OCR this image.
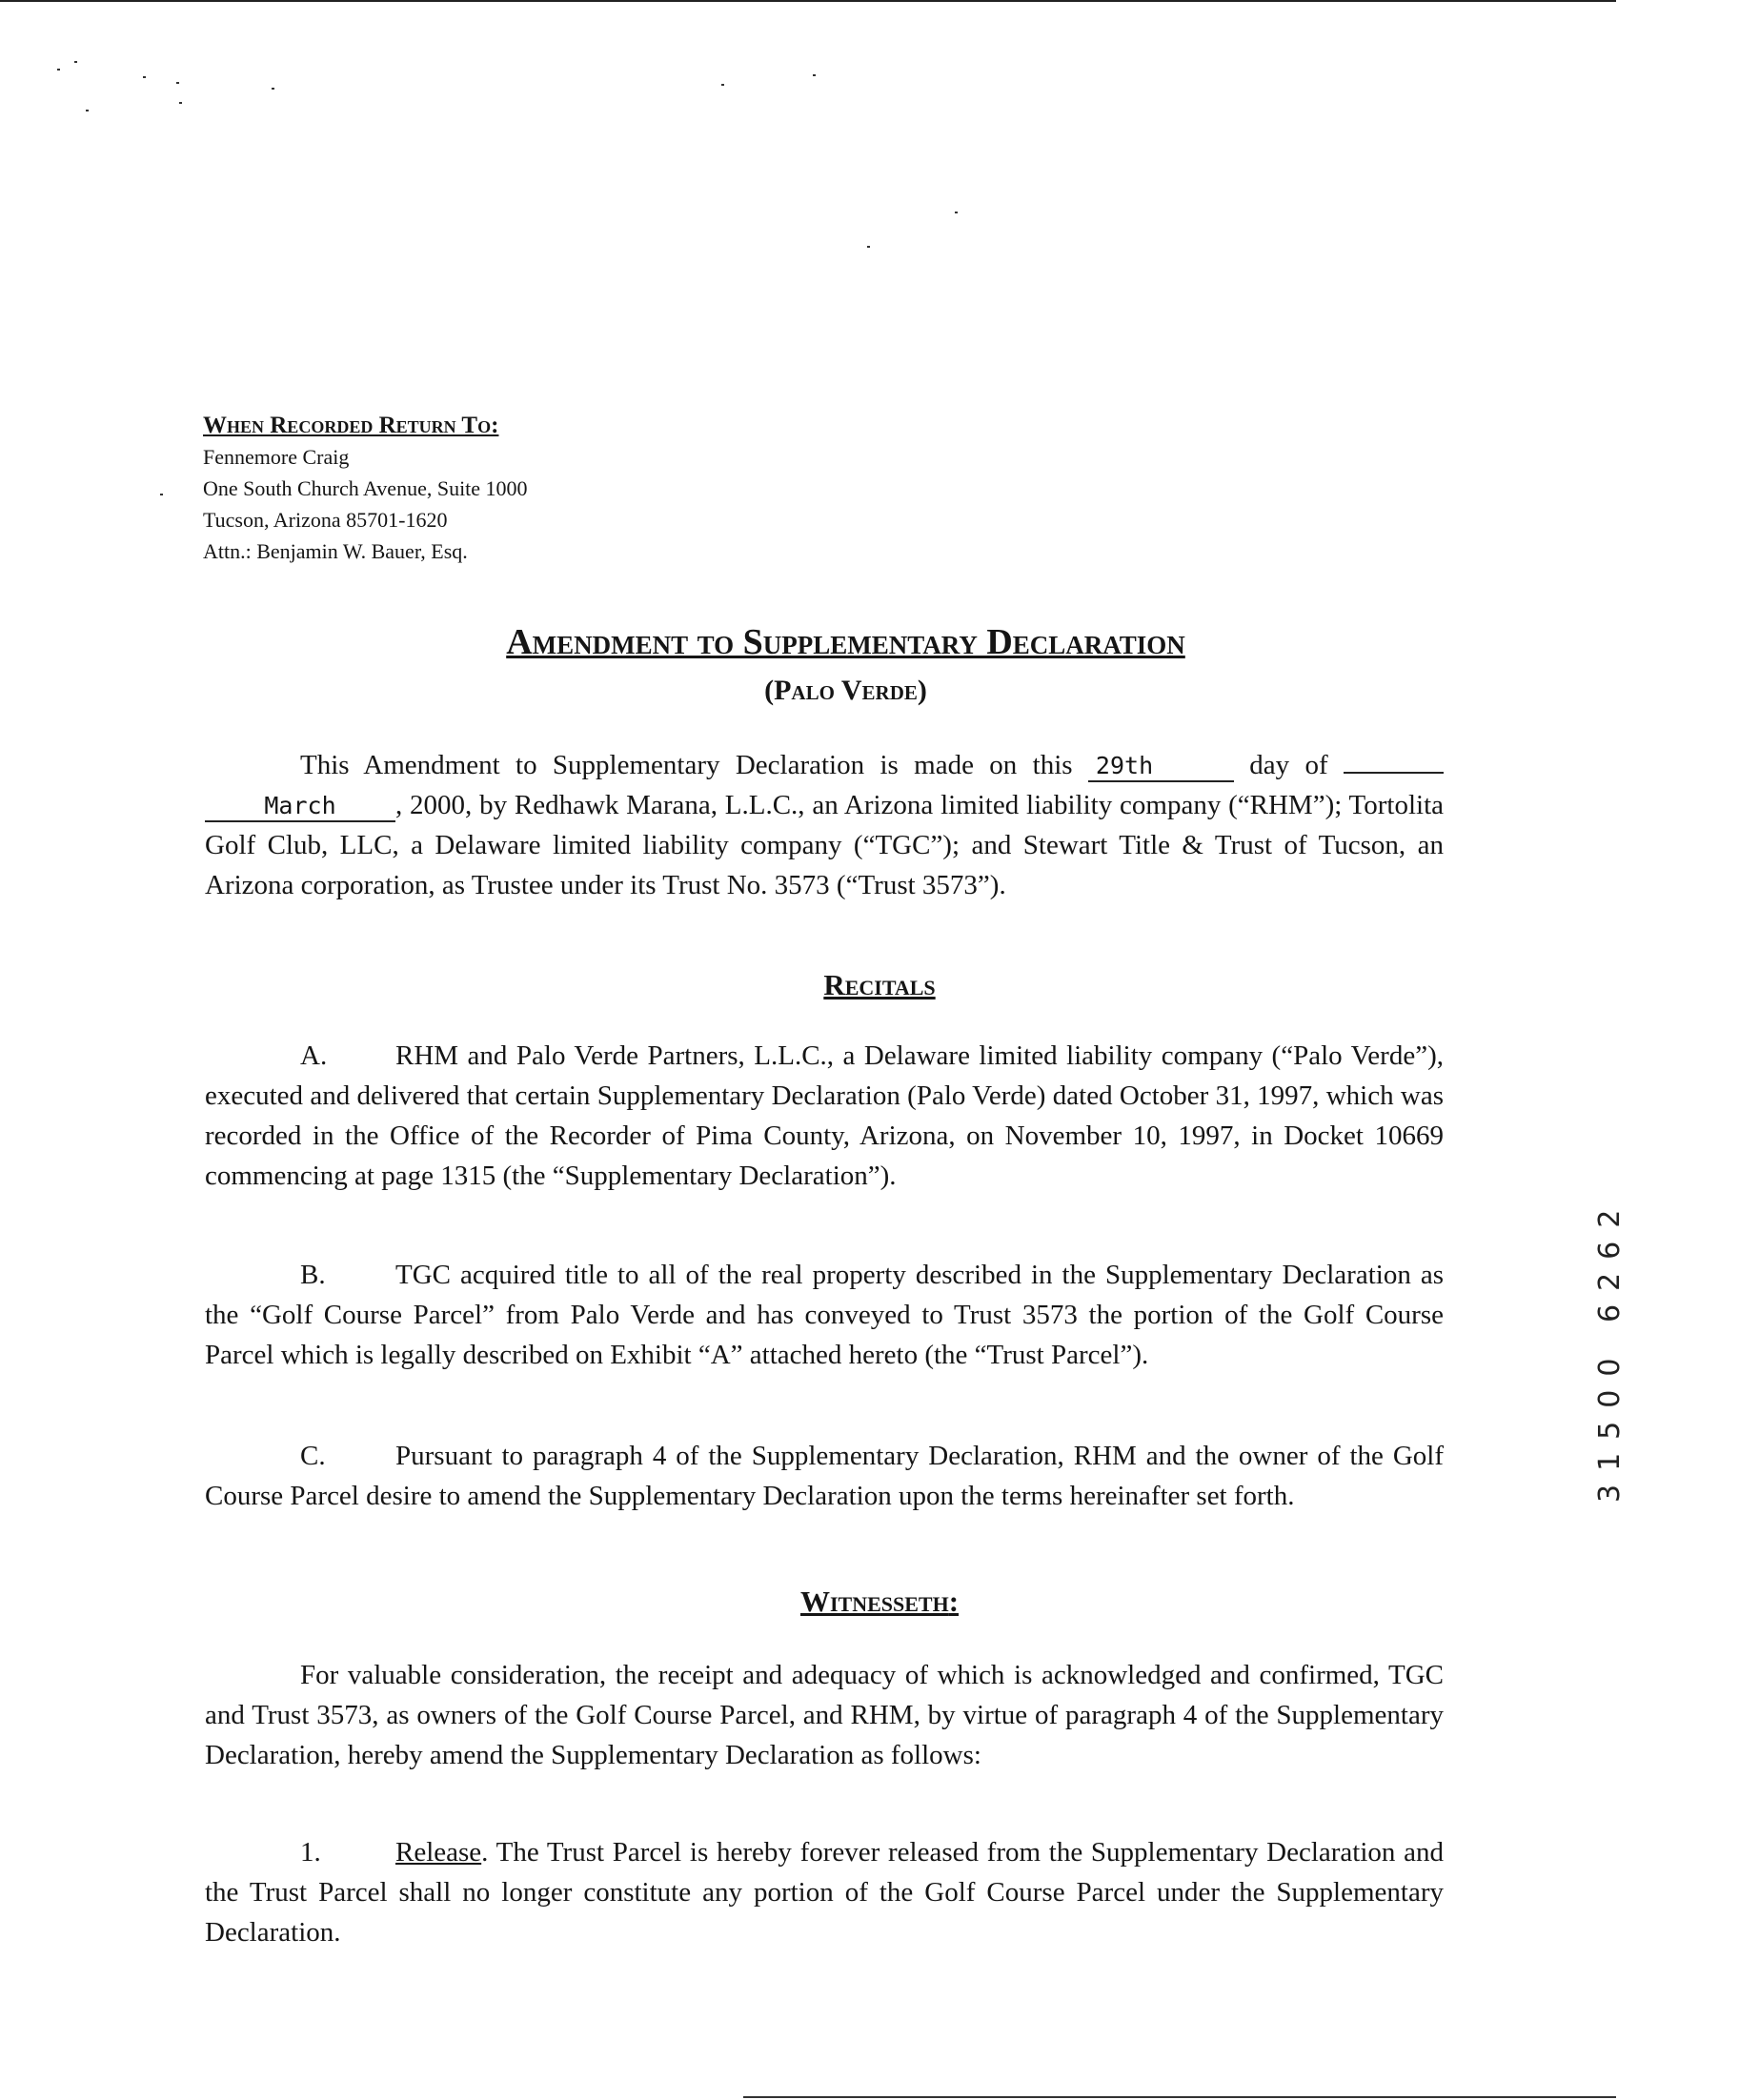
When Recorded Return To:
Fennemore Craig
One South Church Avenue, Suite 1000
Tucson, Arizona 85701-1620
Attn.: Benjamin W. Bauer, Esq.
Amendment to Supplementary Declaration
(Palo Verde)

This Amendment to Supplementary Declaration is made on this 29th	day of  March , 2000, by Redhawk Marana, L.L.C., an Arizona limited liability company (“RHM”); Tortolita Golf Club, LLC, a Delaware limited liability company (“TGC”); and Stewart Title & Trust of Tucson, an Arizona corporation, as Trustee under its Trust No. 3573 (“Trust 3573”).

Recitals

A. RHM and Palo Verde Partners, L.L.C., a Delaware limited liability company (“Palo Verde”), executed and delivered that certain Supplementary Declaration (Palo Verde) dated October 31, 1997, which was recorded in the Office of the Recorder of Pima County, Arizona, on November 10, 1997, in Docket 10669 commencing at page 1315 (the “Supplementary Declaration”).

B.	TGC acquired title to all of the real property described in the Supplementary Declaration as the “Golf Course Parcel” from Palo Verde and has conveyed to Trust 3573 the portion of the Golf Course Parcel which is legally described on Exhibit “A” attached hereto (the “Trust Parcel”).

C.	Pursuant to paragraph 4 of the Supplementary Declaration, RHM and the owner of the Golf Course Parcel desire to amend the Supplementary Declaration upon the terms hereinafter set forth.

Witnesseth:

For valuable consideration, the receipt and adequacy of which is acknowledged and confirmed, TGC and Trust 3573, as owners of the Golf Course Parcel, and RHM, by virtue of paragraph 4 of the Supplementary Declaration, hereby amend the Supplementary Declaration as follows:

1.	Release. The Trust Parcel is hereby forever released from the Supplementary Declaration and the Trust Parcel shall no longer constitute any portion of the Golf Course Parcel under the Supplementary Declaration.

31500 6262
